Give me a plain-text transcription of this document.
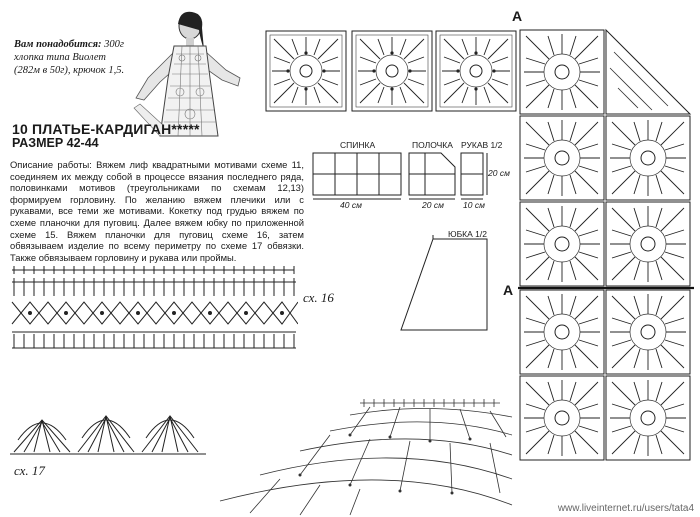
Вам понадобится: 300г
хлопка типа Виолет
(282м в 50г), крючок 1,5.
10 ПЛАТЬЕ-КАРДИГАН*****
РАЗМЕР 42-44
Описание работы: Вяжем лиф квадратными мотивами схеме 11, соединяем их между собой в процессе вязания последнего ряда, половинками мотивов (треугольниками по схемам 12,13) формируем горловину. По желанию вяжем плечики или с рукавами, все теми же мотивами. Кокетку под грудью вяжем по схеме планочки для пуговиц. Далее вяжем юбку по приложенной схеме 15. Вяжем планочки для пуговиц схеме 16, затем обвязываем изделие по всему периметру по схеме 17 обвязки. Также обвязываем горловину и рукава или проймы.
СПИНКА	ПОЛОЧКА РУКАВ 1/2
40 см	20 см 10 см
20 см
ЮБКА 1/2
A
A
сх. 16
сх. 17
www.liveinternet.ru/users/tata4
